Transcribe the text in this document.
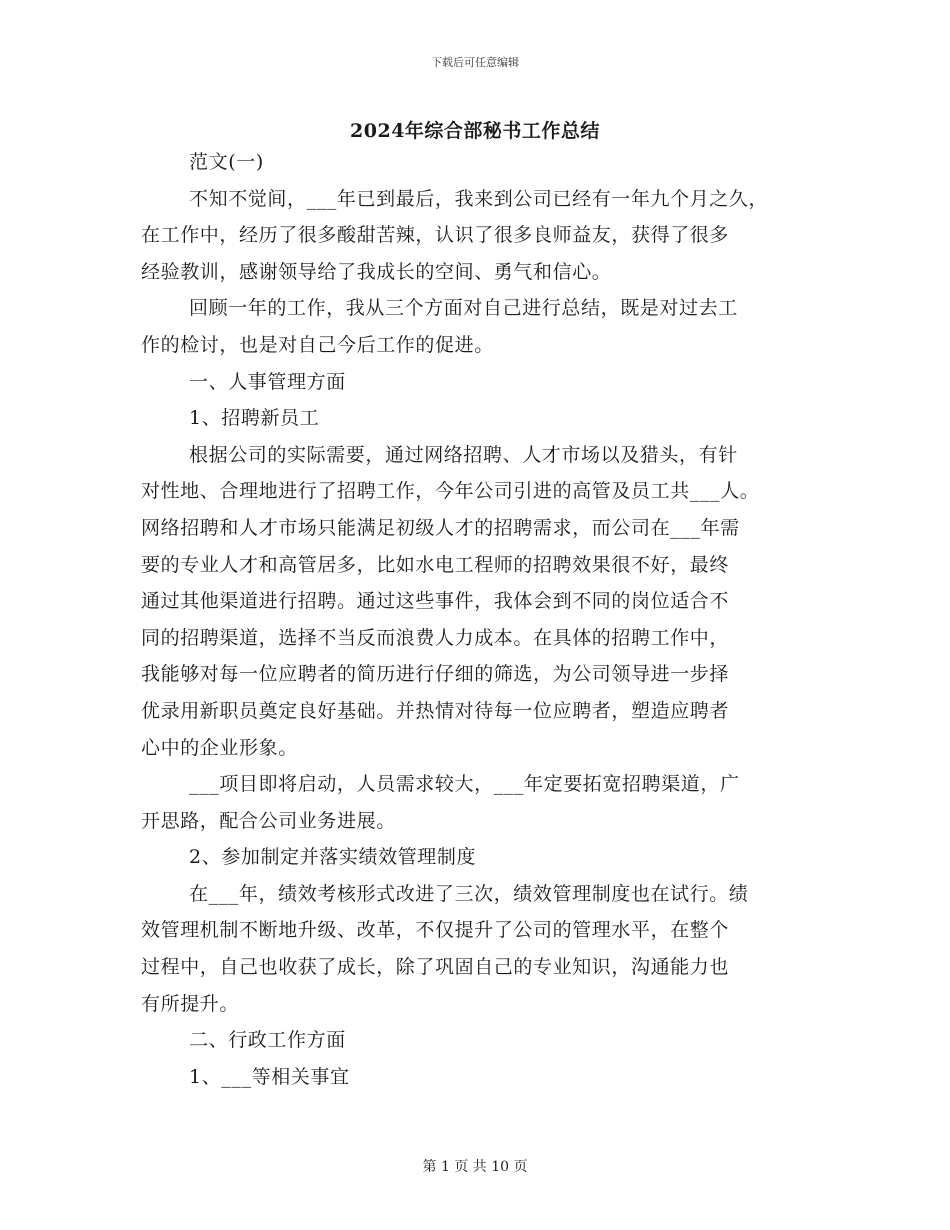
下载后可任意编辑
2024年综合部秘书工作总结
范文(一)
不知不觉间，___年已到最后，我来到公司已经有一年九个月之久，
在工作中，经历了很多酸甜苦辣，认识了很多良师益友，获得了很多
经验教训，感谢领导给了我成长的空间、勇气和信心。
回顾一年的工作，我从三个方面对自己进行总结，既是对过去工
作的检讨，也是对自己今后工作的促进。
一、人事管理方面
1、招聘新员工
根据公司的实际需要，通过网络招聘、人才市场以及猎头，有针
对性地、合理地进行了招聘工作，今年公司引进的高管及员工共___人。
网络招聘和人才市场只能满足初级人才的招聘需求，而公司在___年需
要的专业人才和高管居多，比如水电工程师的招聘效果很不好，最终
通过其他渠道进行招聘。通过这些事件，我体会到不同的岗位适合不
同的招聘渠道，选择不当反而浪费人力成本。在具体的招聘工作中，
我能够对每一位应聘者的简历进行仔细的筛选，为公司领导进一步择
优录用新职员奠定良好基础。并热情对待每一位应聘者，塑造应聘者
心中的企业形象。
___项目即将启动，人员需求较大，___年定要拓宽招聘渠道，广
开思路，配合公司业务进展。
2、参加制定并落实绩效管理制度
在___年，绩效考核形式改进了三次，绩效管理制度也在试行。绩
效管理机制不断地升级、改革，不仅提升了公司的管理水平，在整个
过程中，自己也收获了成长，除了巩固自己的专业知识，沟通能力也
有所提升。
二、行政工作方面
1、___等相关事宜
第 1 页 共 10 页
